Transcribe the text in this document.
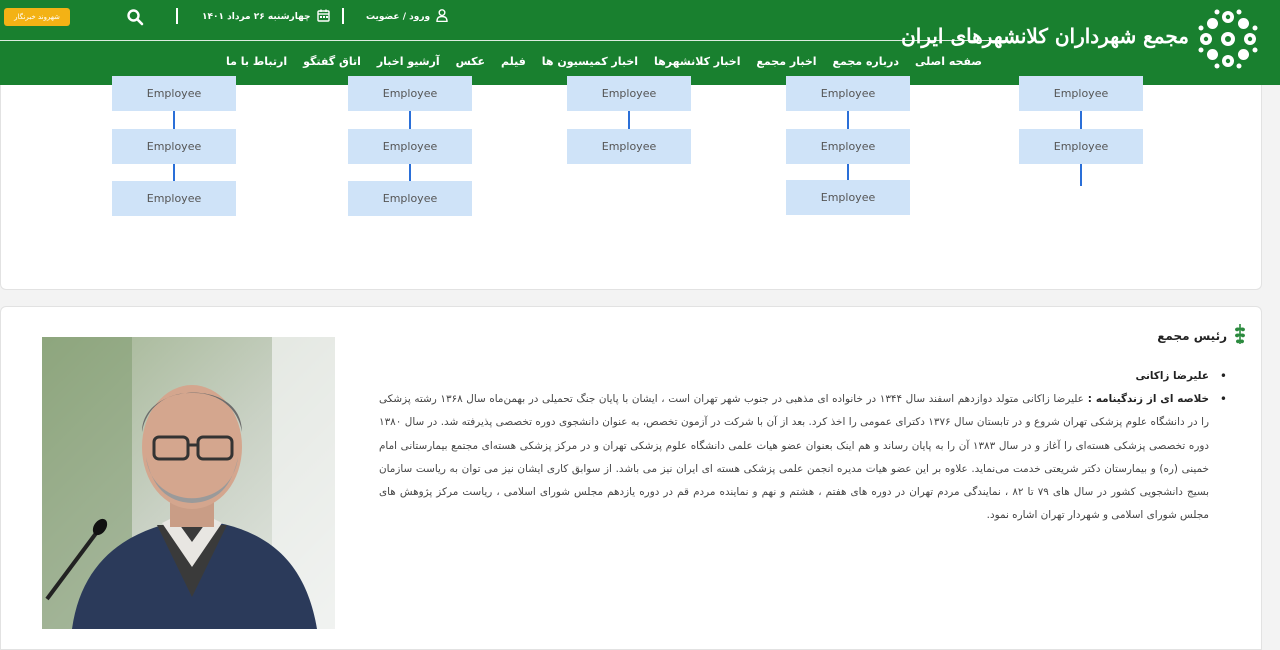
شهروند خبرنگار	چهارشنبه ۲۶ مرداد ۱۴۰۱	ورود / عضویت
مجمع شهرداران کلانشهرهای ایران
صفحه اصلی
درباره مجمع
اخبار مجمع
اخبار کلانشهرها
اخبار کمیسیون ها
فیلم
عکس
آرشیو اخبار
اتاق گفتگو
ارتباط با ما
Employee
Employee
Employee
Employee
Employee
Employee
Employee
Employee
Employee
Employee
Employee
Employee
Employee
رئیس مجمع
• علیرضا زاکانی
• خلاصه ای از زندگینامه : علیرضا زاکانی متولد دوازدهم اسفند سال ۱۳۴۴ در خانواده ای مذهبی در جنوب شهر تهران است ، ایشان با پایان جنگ تحمیلی در بهمن‌ماه سال ۱۳۶۸ رشته پزشکی را در دانشگاه علوم پزشکی تهران شروع و در تابستان سال ۱۳۷۶ دکترای عمومی را اخذ کرد. بعد از آن با شرکت در آزمون تخصص، به عنوان دانشجوی دوره تخصصی پذیرفته شد. در سال ۱۳۸۰ دوره تخصصی پزشکی هسته‌ای را آغاز و در سال ۱۳۸۳ آن را به پایان رساند و هم اینک بعنوان عضو هیات علمی دانشگاه علوم پزشکی تهران و در مرکز پزشکی هسته‌ای مجتمع بیمارستانی امام خمینی (ره) و بیمارستان دکتر شریعتی خدمت می‌نماید. علاوه بر این عضو هیات مدیره انجمن علمی پزشکی هسته ای ایران نیز می باشد. از سوابق کاری ایشان نیز می توان به ریاست سازمان بسیج دانشجویی کشور در سال های ۷۹ تا ۸۲ ، نمایندگی مردم تهران در دوره های هفتم ، هشتم و نهم و نماینده مردم قم در دوره یازدهم مجلس شورای اسلامی ، ریاست مرکز پژوهش های مجلس شورای اسلامی و شهردار تهران اشاره نمود.
